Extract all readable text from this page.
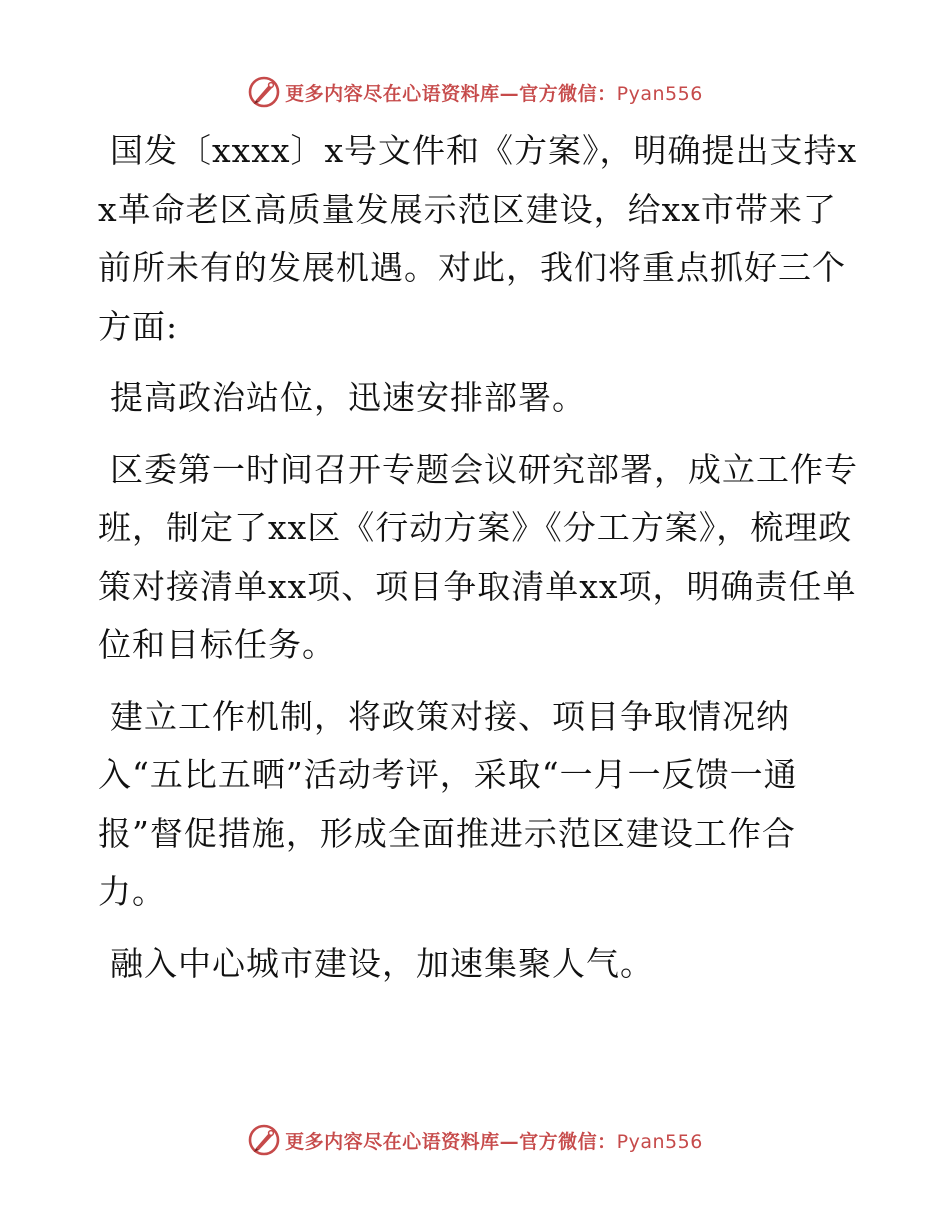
更多内容尽在心语资料库—官方微信：Pyan556

国发〔xxxx〕x号文件和《方案》，明确提出支持xx革命老区高质量发展示范区建设，给xx市带来了前所未有的发展机遇。对此，我们将重点抓好三个方面:

提高政治站位，迅速安排部署。

区委第一时间召开专题会议研究部署，成立工作专班，制定了xx区《行动方案》《分工方案》，梳理政策对接清单xx项、项目争取清单xx项，明确责任单位和目标任务。

建立工作机制，将政策对接、项目争取情况纳入“五比五晒”活动考评，采取“一月一反馈一通报”督促措施，形成全面推进示范区建设工作合力。

融入中心城市建设，加速集聚人气。

更多内容尽在心语资料库—官方微信：Pyan556
